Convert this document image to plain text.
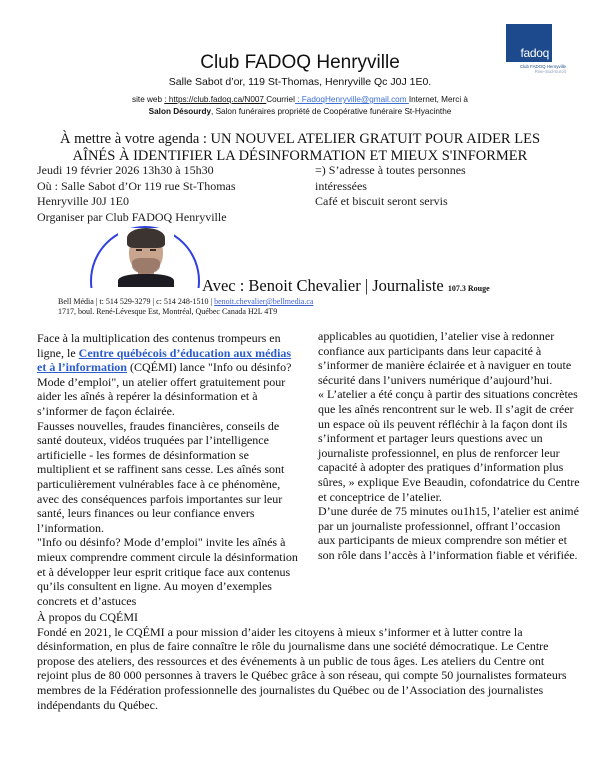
Club FADOQ Henryville	fadoq
Club FADOQ Henryville
Rive-Sud-Suroît
Salle Sabot d’or, 119 St-Thomas, Henryville Qc J0J 1E0.
site web : https://club.fadoq.ca/N007 Courriel : FadoqHenryville@gmail.com Internet, Merci à
Salon Désourdy, Salon funéraires propriété de Coopérative funéraire St-Hyacinthe
À mettre à votre agenda : UN NOUVEL ATELIER GRATUIT POUR AIDER LES
AÎNÉS À IDENTIFIER LA DÉSINFORMATION ET MIEUX S'INFORMER
Jeudi 19 février 2026 13h30 à 15h30
Où : Salle Sabot d’Or 119 rue St-Thomas
Henryville J0J 1E0
Organiser par Club FADOQ Henryville
=) S’adresse à toutes personnes
intéressées
Café et biscuit seront servis
Avec : Benoit Chevalier | Journaliste 107.3 Rouge
Bell Média | t: 514 529-3279 | c: 514 248-1510 | benoit.chevalier@bellmedia.ca
1717, boul. René-Lévesque Est, Montréal, Québec Canada H2L 4T9
Face à la multiplication des contenus trompeurs en ligne, le Centre québécois d’éducation aux médias et à l’information (CQÉMI) lance "Info ou désinfo? Mode d’emploi", un atelier offert gratuitement pour aider les aînés à repérer la désinformation et à s’informer de façon éclairée.
Fausses nouvelles, fraudes financières, conseils de santé douteux, vidéos truquées par l’intelligence artificielle - les formes de désinformation se multiplient et se raffinent sans cesse. Les aînés sont particulièrement vulnérables face à ce phénomène, avec des conséquences parfois importantes sur leur santé, leurs finances ou leur confiance envers l’information.
"Info ou désinfo? Mode d’emploi" invite les aînés à mieux comprendre comment circule la désinformation et à développer leur esprit critique face aux contenus qu’ils consultent en ligne. Au moyen d’exemples concrets et d’astuces
applicables au quotidien, l’atelier vise à redonner confiance aux participants dans leur capacité à s’informer de manière éclairée et à naviguer en toute sécurité dans l’univers numérique d’aujourd’hui.
« L’atelier a été conçu à partir des situations concrètes que les aînés rencontrent sur le web. Il s’agit de créer un espace où ils peuvent réfléchir à la façon dont ils s’informent et partager leurs questions avec un journaliste professionnel, en plus de renforcer leur capacité à adopter des pratiques d’information plus sûres, » explique Eve Beaudin, cofondatrice du Centre et conceptrice de l’atelier.
D’une durée de 75 minutes ou1h15, l’atelier est animé par un journaliste professionnel, offrant l’occasion aux participants de mieux comprendre son métier et son rôle dans l’accès à l’information fiable et vérifiée.
À propos du CQÉMI
Fondé en 2021, le CQÉMI a pour mission d’aider les citoyens à mieux s’informer et à lutter contre la désinformation, en plus de faire connaître le rôle du journalisme dans une société démocratique. Le Centre propose des ateliers, des ressources et des événements à un public de tous âges. Les ateliers du Centre ont rejoint plus de 80 000 personnes à travers le Québec grâce à son réseau, qui compte 50 journalistes formateurs membres de la Fédération professionnelle des journalistes du Québec ou de l’Association des journalistes indépendants du Québec.
